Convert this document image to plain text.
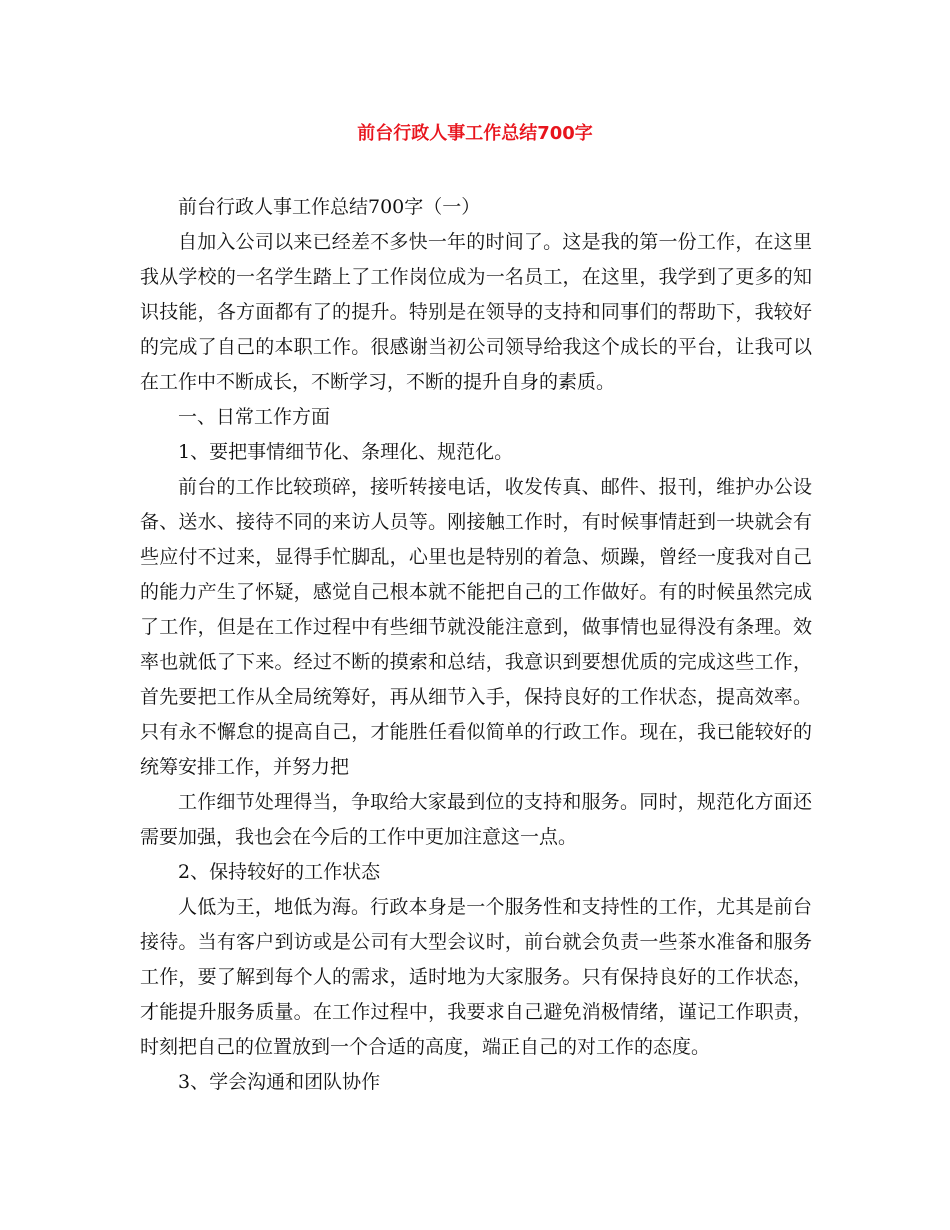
前台行政人事工作总结700字

前台行政人事工作总结700字（一）

自加入公司以来已经差不多快一年的时间了。这是我的第一份工作，在这里我从学校的一名学生踏上了工作岗位成为一名员工，在这里，我学到了更多的知识技能，各方面都有了的提升。特别是在领导的支持和同事们的帮助下，我较好的完成了自己的本职工作。很感谢当初公司领导给我这个成长的平台，让我可以在工作中不断成长，不断学习，不断的提升自身的素质。

一、日常工作方面

1、要把事情细节化、条理化、规范化。

前台的工作比较琐碎，接听转接电话，收发传真、邮件、报刊，维护办公设备、送水、接待不同的来访人员等。刚接触工作时，有时候事情赶到一块就会有些应付不过来，显得手忙脚乱，心里也是特别的着急、烦躁，曾经一度我对自己的能力产生了怀疑，感觉自己根本就不能把自己的工作做好。有的时候虽然完成了工作，但是在工作过程中有些细节就没能注意到，做事情也显得没有条理。效率也就低了下来。经过不断的摸索和总结，我意识到要想优质的完成这些工作，首先要把工作从全局统筹好，再从细节入手，保持良好的工作状态，提高效率。只有永不懈怠的提高自己，才能胜任看似简单的行政工作。现在，我已能较好的统筹安排工作，并努力把

工作细节处理得当，争取给大家最到位的支持和服务。同时，规范化方面还需要加强，我也会在今后的工作中更加注意这一点。

2、保持较好的工作状态

人低为王，地低为海。行政本身是一个服务性和支持性的工作，尤其是前台接待。当有客户到访或是公司有大型会议时，前台就会负责一些茶水准备和服务工作，要了解到每个人的需求，适时地为大家服务。只有保持良好的工作状态，才能提升服务质量。在工作过程中，我要求自己避免消极情绪，谨记工作职责，时刻把自己的位置放到一个合适的高度，端正自己的对工作的态度。

3、学会沟通和团队协作
